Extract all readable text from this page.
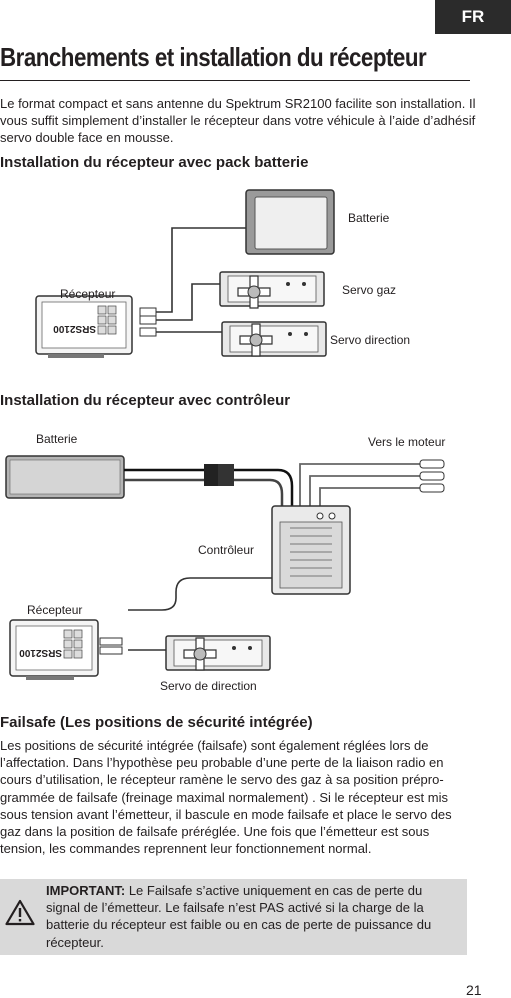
FR
Branchements et installation du récepteur

Le format compact et sans antenne du Spektrum SR2100 facilite son installation. Il vous suffit simplement d’installer le récepteur dans votre véhicule à l’aide d’adhésif servo double face en mousse.

Installation du récepteur avec pack batterie
Batterie
SRS2100
Récepteur	Servo gaz
Servo direction
Installation du récepteur avec contrôleur
Batterie	Vers le moteur
Contrôleur
Récepteur
SRS2100
Servo de direction
Failsafe (Les positions de sécurité intégrée)

Les positions de sécurité intégrée (failsafe) sont également réglées lors de l’affectation. Dans l’hypothèse peu probable d’une perte de la liaison radio en cours d’utilisation, le récepteur ramène le servo des gaz à sa position préprogrammée de failsafe (freinage maximal normalement) . Si le récepteur est mis sous tension avant l’émetteur, il bascule en mode failsafe et place le servo des gaz dans la position de failsafe préréglée. Une fois que l’émetteur est sous tension, les commandes reprennent leur fonctionnement normal.

IMPORTANT: Le Failsafe s’active uniquement en cas de perte du signal de l’émetteur. Le failsafe n’est PAS activé si la charge de la batterie du récepteur est faible ou en cas de perte de puissance du récepteur.
21
